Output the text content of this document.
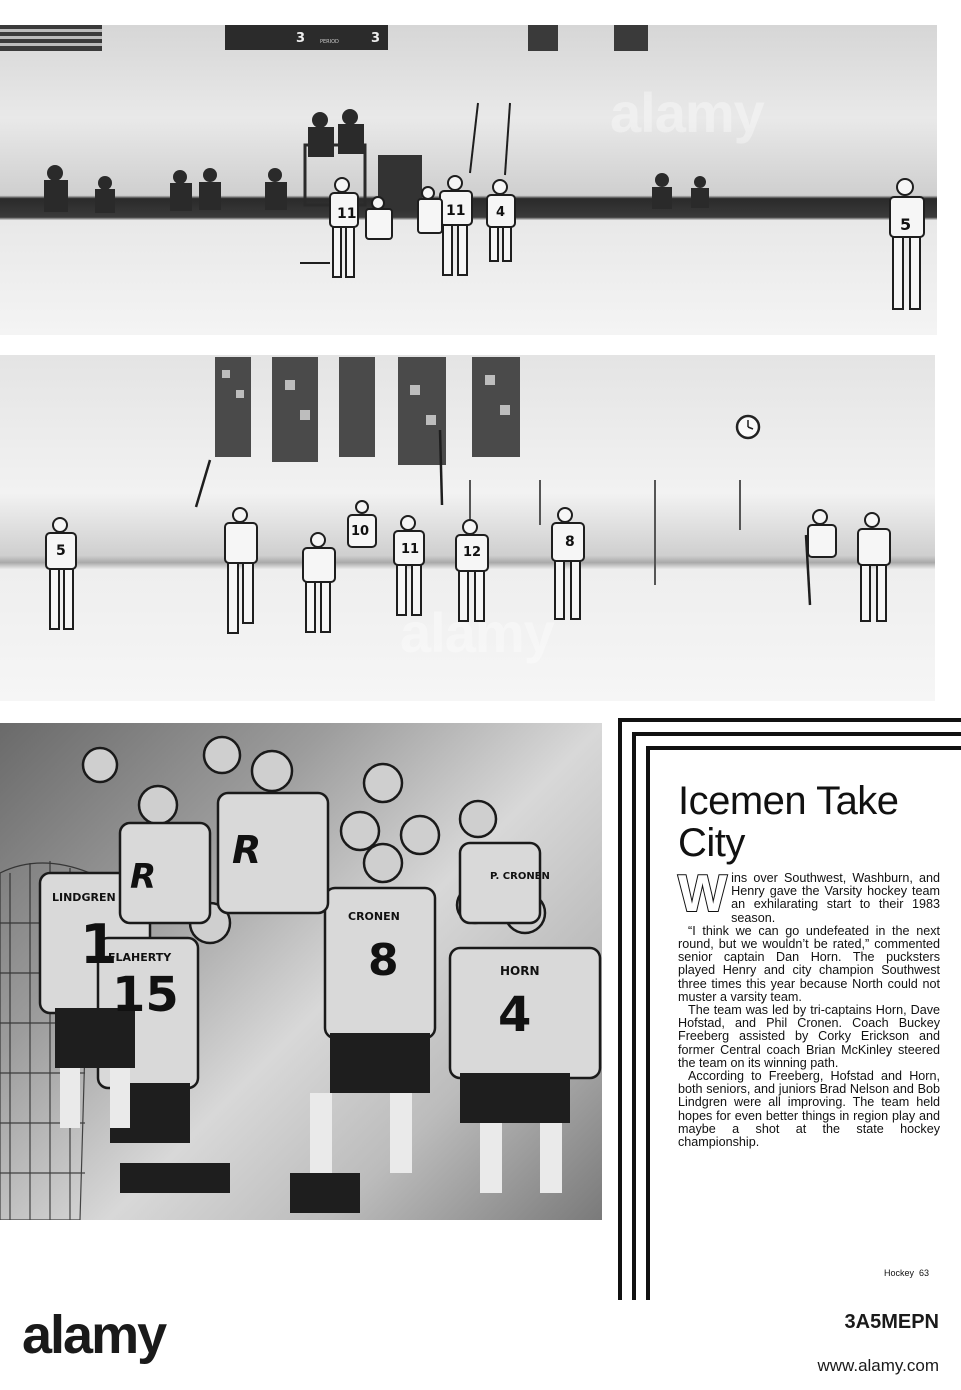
3	3
PERIOD
11	11 4
5
5
10
11	12
8
R
R
LINDGREN
1
FLAHERTY
15
CRONEN
8	HORN
4
P. CRONEN
alamy
alamy
Icemen Take City

W ins over Southwest, Washburn, and Henry gave the Varsity hockey team an exhilarating start to their 1983 season.
“I think we can go undefeated in the next round, but we wouldn’t be rated,” commented senior captain Dan Horn. The pucksters played Henry and city champion Southwest three times this year because North could not muster a varsity team.
The team was led by tri-captains Horn, Dave Hofstad, and Phil Cronen. Coach Buckey Freeberg assisted by Corky Erickson and former Central coach Brian McKinley steered the team on its winning path.
According to Freeberg, Hofstad and Horn, both seniors, and juniors Brad Nelson and Bob Lindgren were all improving. The team held hopes for even better things in region play and maybe a shot at the state hockey championship.

Hockey 63
alamy	3A5MEPN
www.alamy.com
